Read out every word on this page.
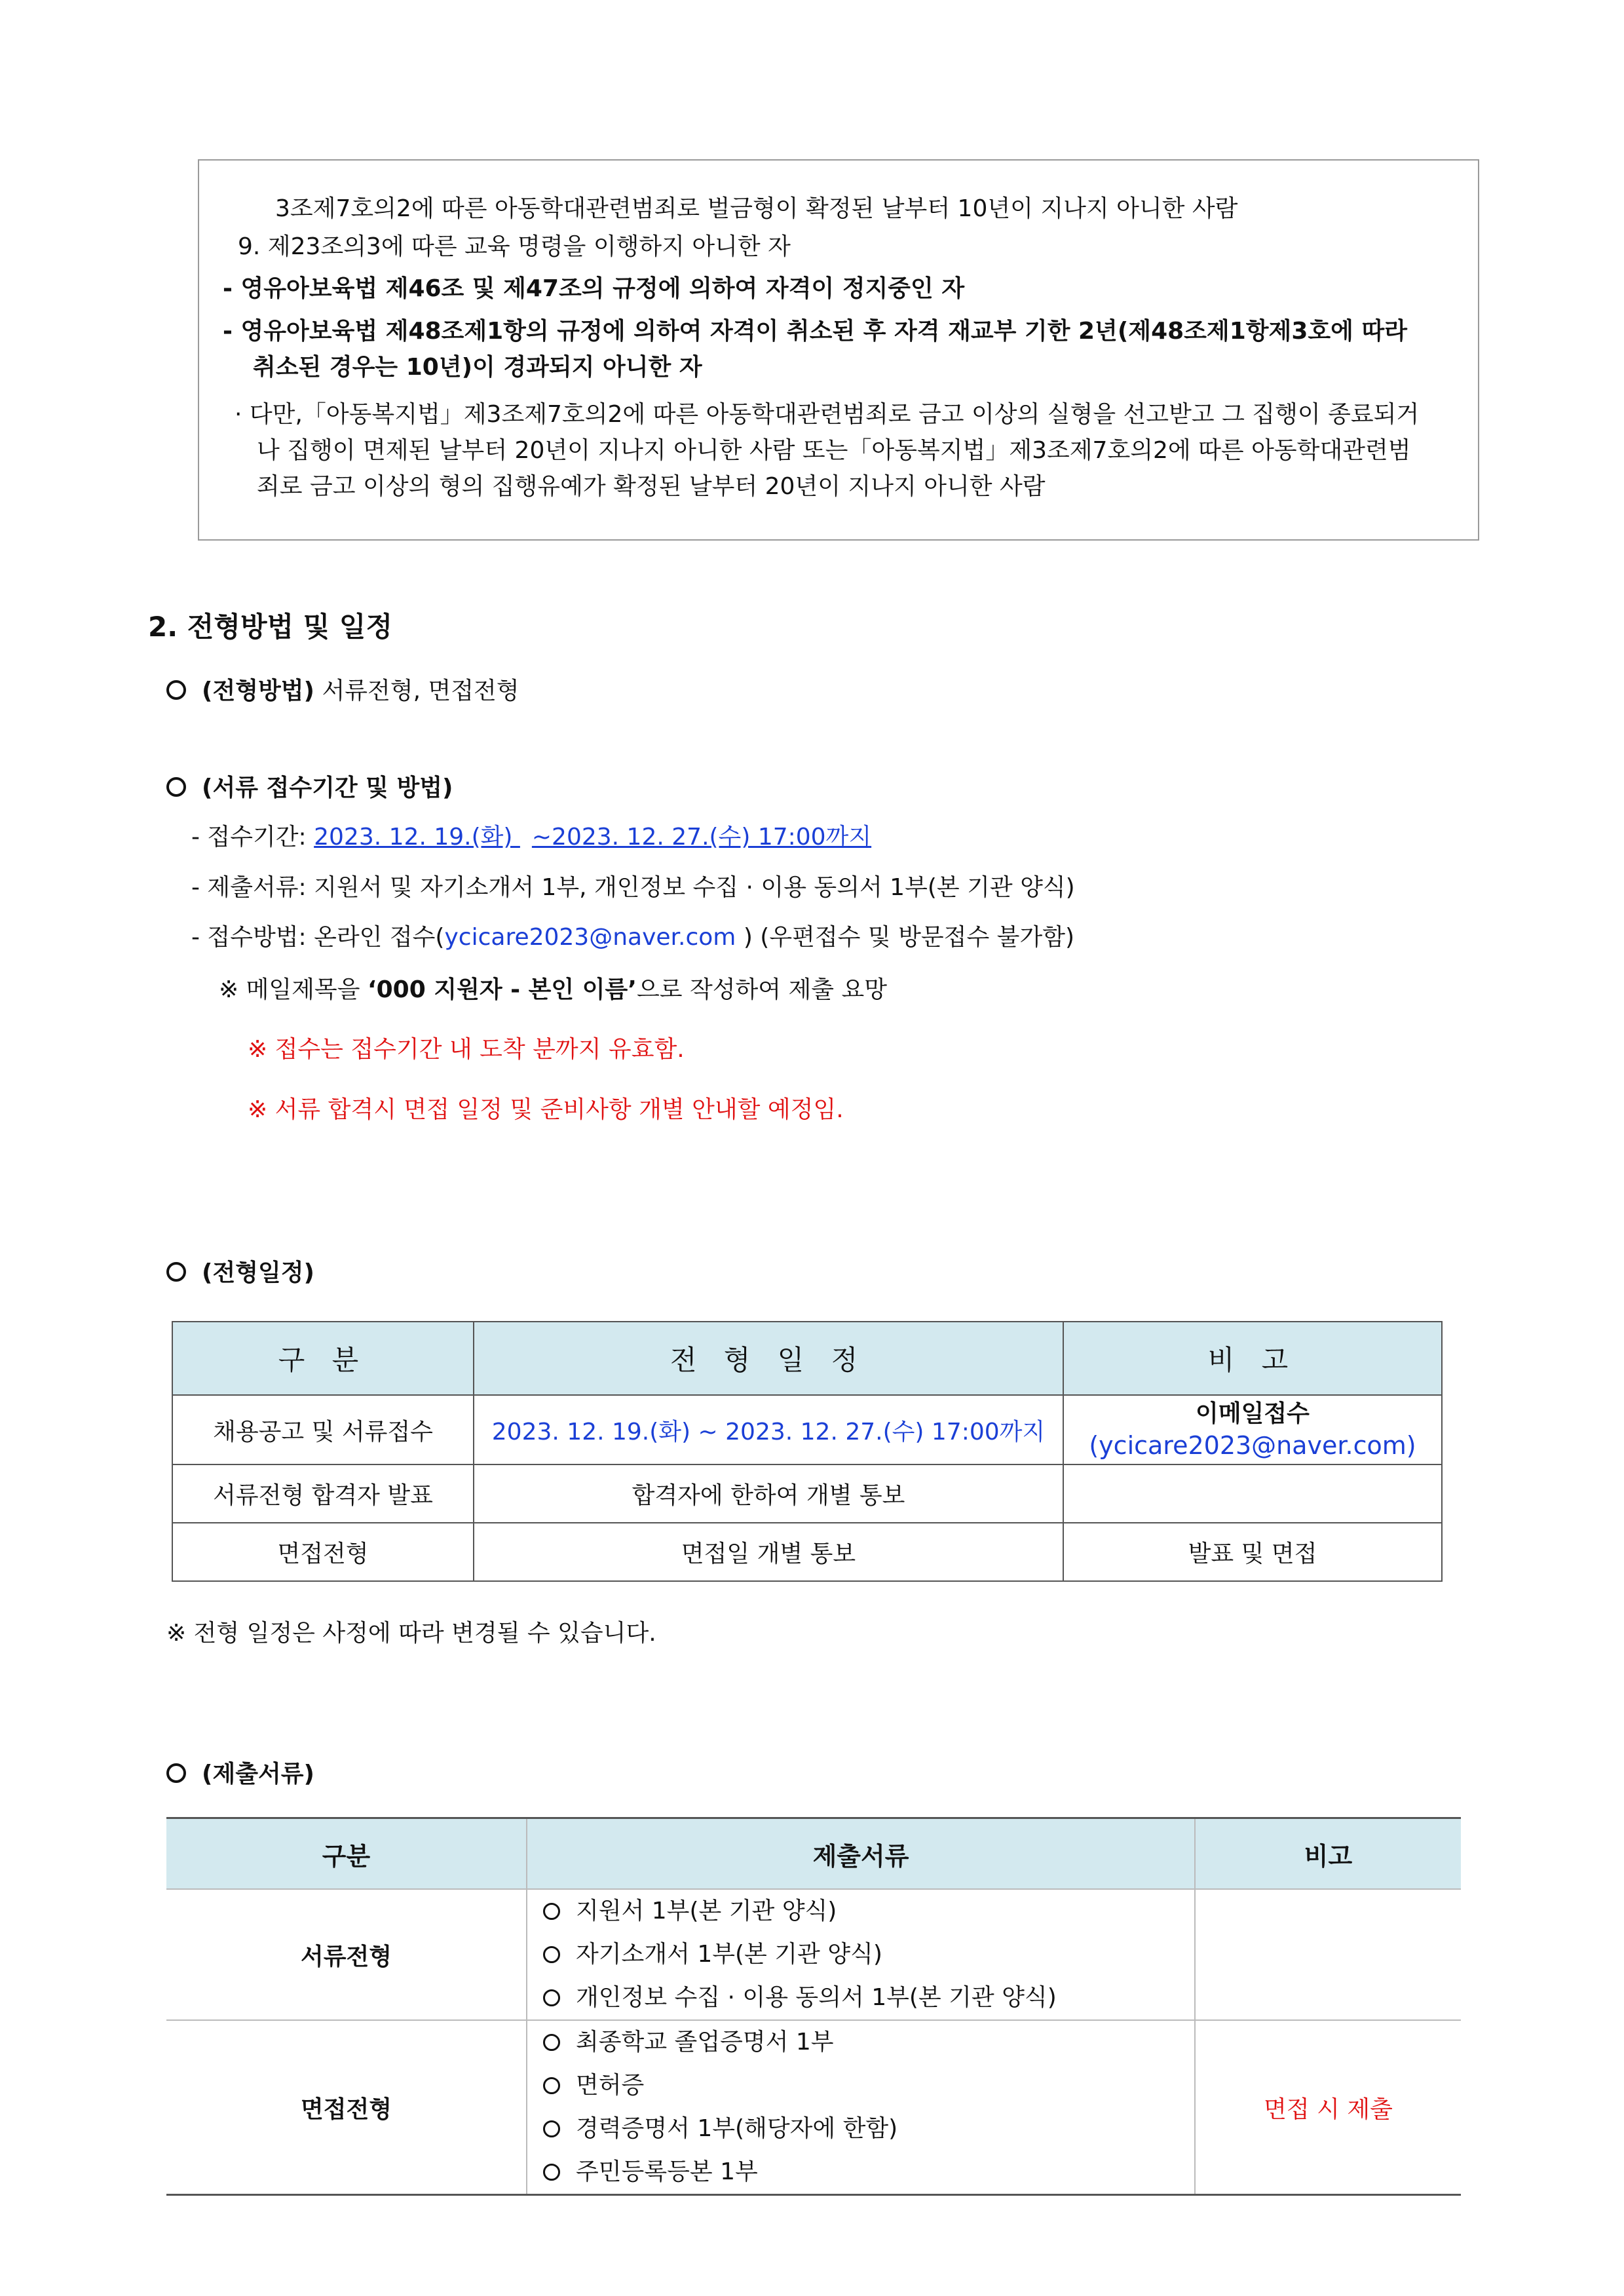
3조제7호의2에 따른 아동학대관련범죄로 벌금형이 확정된 날부터 10년이 지나지 아니한 사람
9. 제23조의3에 따른 교육 명령을 이행하지 아니한 자
- 영유아보육법 제46조 및 제47조의 규정에 의하여 자격이 정지중인 자
- 영유아보육법 제48조제1항의 규정에 의하여 자격이 취소된 후 자격 재교부 기한 2년(제48조제1항제3호에 따라
취소된 경우는 10년)이 경과되지 아니한 자
· 다만,「아동복지법」제3조제7호의2에 따른 아동학대관련범죄로 금고 이상의 실형을 선고받고 그 집행이 종료되거
나 집행이 면제된 날부터 20년이 지나지 아니한 사람 또는「아동복지법」제3조제7호의2에 따른 아동학대관련범
죄로 금고 이상의 형의 집행유예가 확정된 날부터 20년이 지나지 아니한 사람
2. 전형방법 및 일정
(전형방법) 서류전형, 면접전형
(서류 접수기간 및 방법)
- 접수기간: 2023. 12. 19.(화) ~2023. 12. 27.(수) 17:00까지
- 제출서류: 지원서 및 자기소개서 1부, 개인정보 수집 · 이용 동의서 1부(본 기관 양식)
- 접수방법: 온라인 접수(ycicare2023@naver.com ) (우편접수 및 방문접수 불가함)
※ 메일제목을 ‘000 지원자 - 본인 이름’으로 작성하여 제출 요망
※ 접수는 접수기간 내 도착 분까지 유효함.
※ 서류 합격시 면접 일정 및 준비사항 개별 안내할 예정임.
(전형일정)
구 분	전 형 일 정	비 고
채용공고 및 서류접수	2023. 12. 19.(화) ~ 2023. 12. 27.(수) 17:00까지	이메일접수
(ycicare2023@naver.com)

서류전형 합격자 발표	합격자에 한하여 개별 통보	
면접전형	면접일 개별 통보	발표 및 면접
※ 전형 일정은 사정에 따라 변경될 수 있습니다.
(제출서류)
구분	제출서류	비고
서류전형	지원서 1부(본 기관 양식)
자기소개서 1부(본 기관 양식)
개인정보 수집 · 이용 동의서 1부(본 기관 양식)	

면접전형	최종학교 졸업증명서 1부
면허증
경력증명서 1부(해당자에 한함)
주민등록등본 1부	면접 시 제출
